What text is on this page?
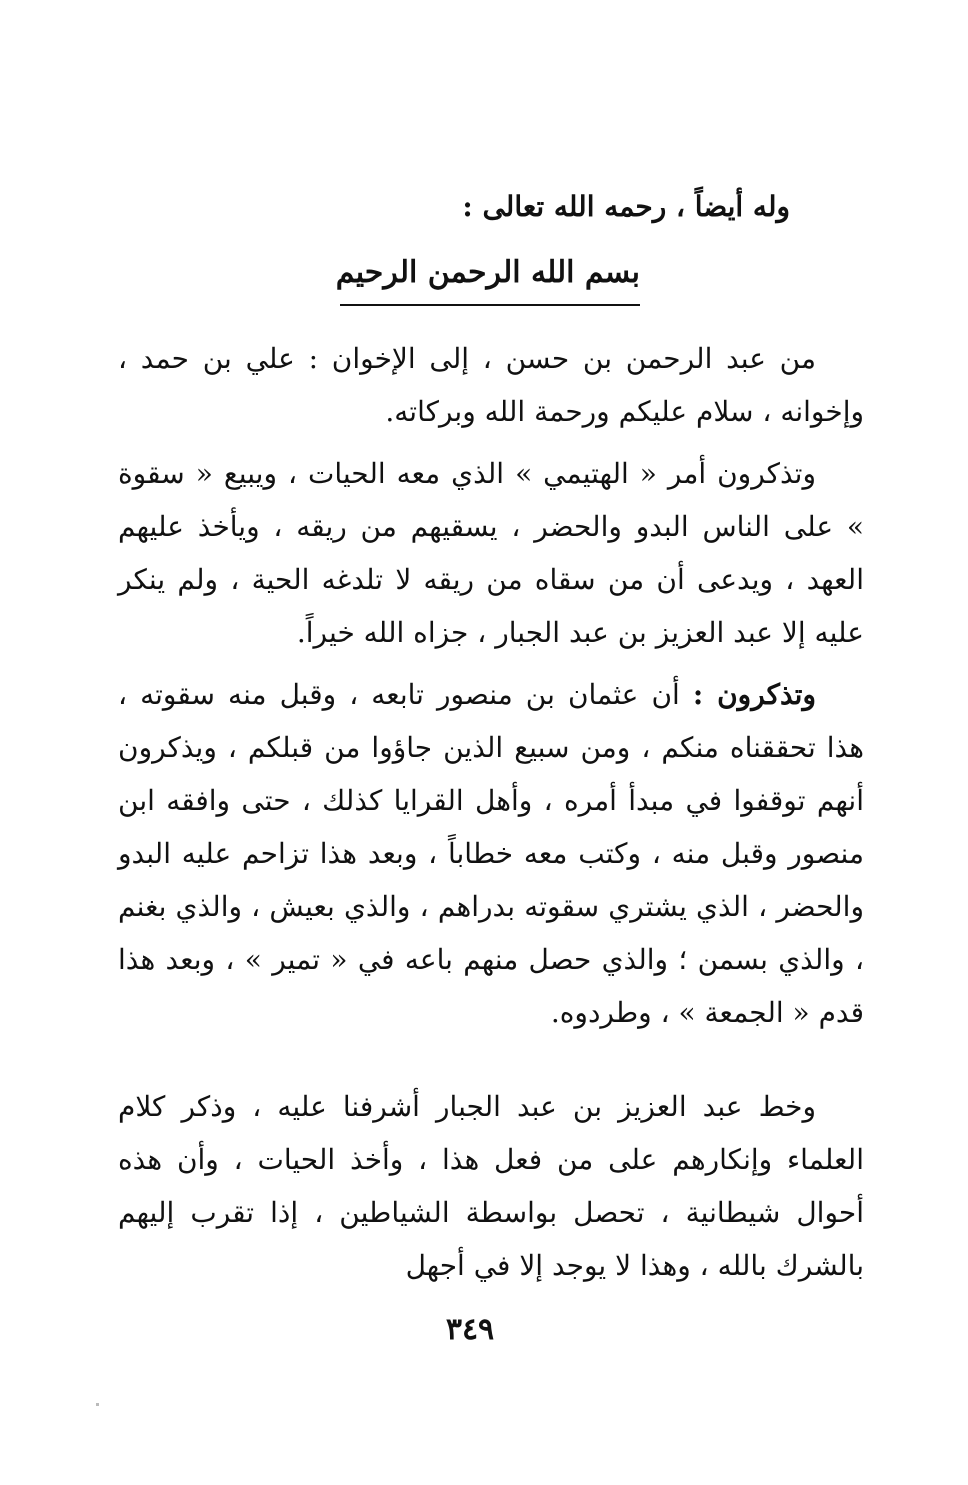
وله أيضاً ، رحمه الله تعالى :
بسم الله الرحمن الرحيم

من عبد الرحمن بن حسن ، إلى الإخوان : علي بن حمد ، وإخوانه ، سلام عليكم ورحمة الله وبركاته.

وتذكرون أمر « الهتيمي » الذي معه الحيات ، ويبيع « سقوة » على الناس البدو والحضر ، يسقيهم من ريقه ، ويأخذ عليهم العهد ، ويدعى أن من سقاه من ريقه لا تلدغه الحية ، ولم ينكر عليه إلا عبد العزيز بن عبد الجبار ، جزاه الله خيراً.

وتذكرون : أن عثمان بن منصور تابعه ، وقبل منه سقوته ، هذا تحققناه منكم ، ومن سبيع الذين جاؤوا من قبلكم ، ويذكرون أنهم توقفوا في مبدأ أمره ، وأهل القرايا كذلك ، حتى وافقه ابن منصور وقبل منه ، وكتب معه خطاباً ، وبعد هذا تزاحم عليه البدو والحضر ، الذي يشتري سقوته بدراهم ، والذي بعيش ، والذي بغنم ، والذي بسمن ؛ والذي حصل منهم باعه في « تمير » ، وبعد هذا قدم « الجمعة » ، وطردوه.

وخط عبد العزيز بن عبد الجبار أشرفنا عليه ، وذكر كلام العلماء وإنكارهم على من فعل هذا ، وأخذ الحيات ، وأن هذه أحوال شيطانية ، تحصل بواسطة الشياطين ، إذا تقرب إليهم بالشرك بالله ، وهذا لا يوجد إلا في أجهل

٣٤٩
